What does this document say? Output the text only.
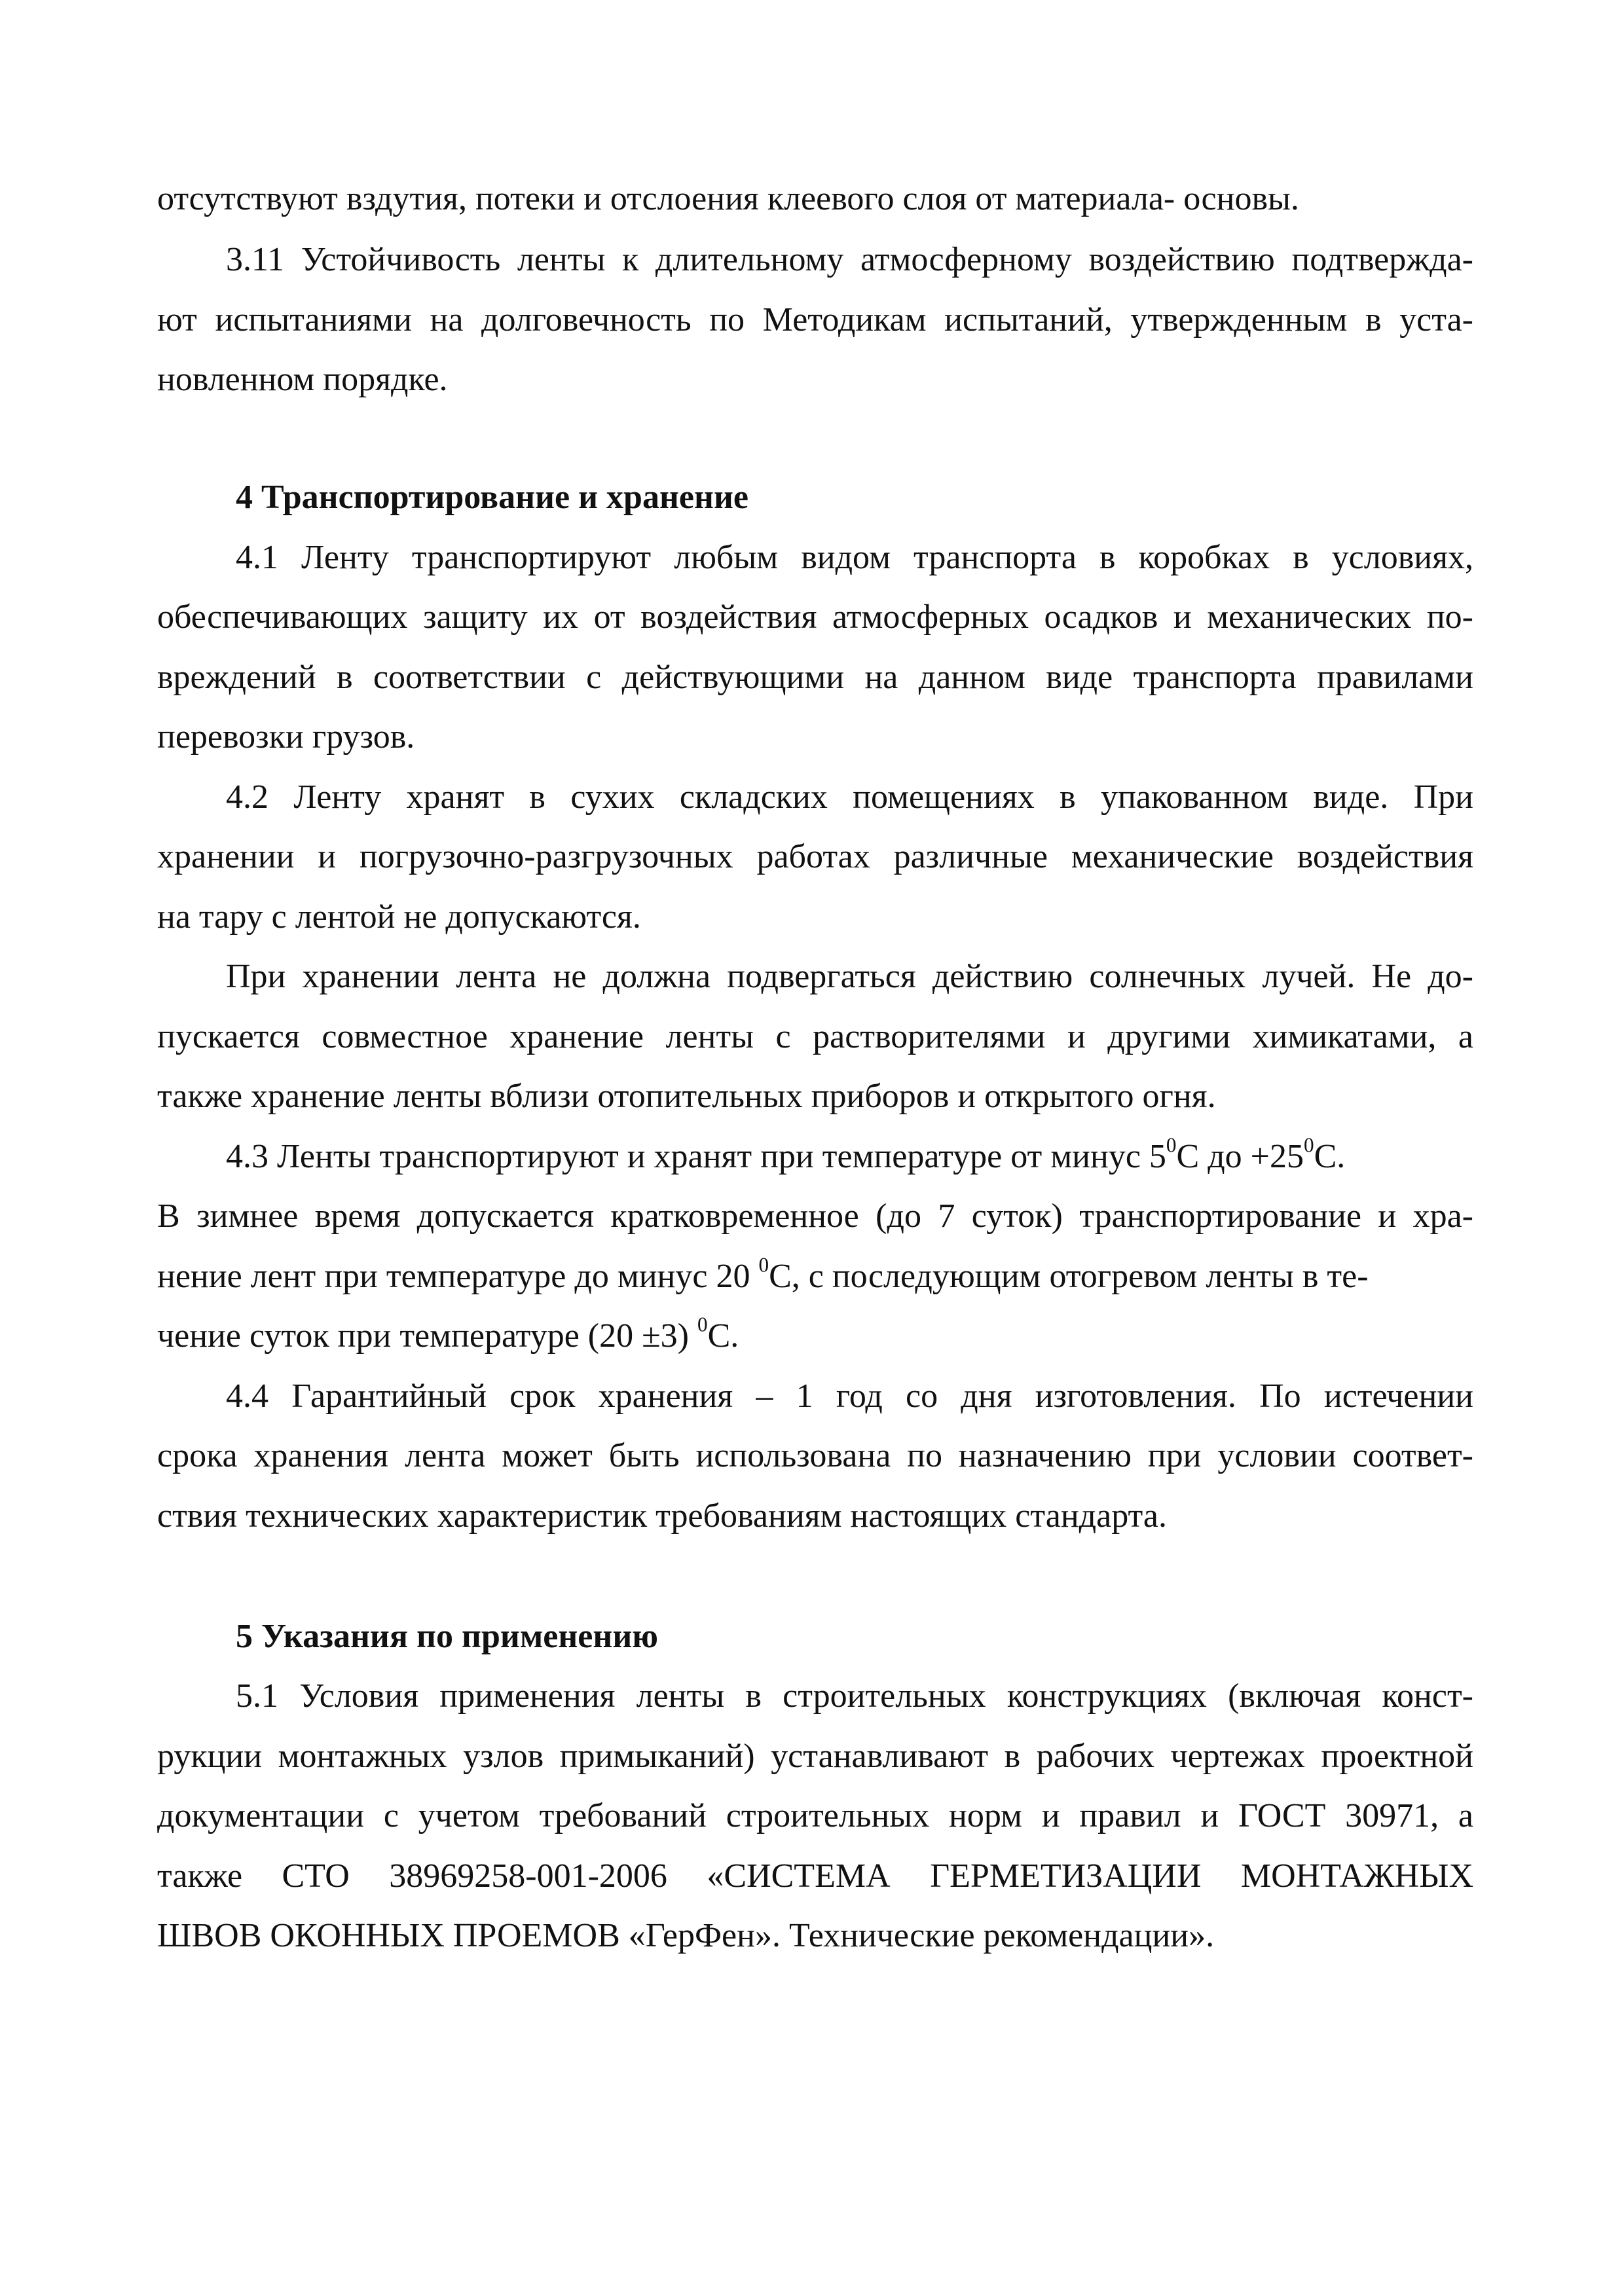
отсутствуют вздутия, потеки и отслоения клеевого слоя от материала- основы.
3.11 Устойчивость ленты к длительному атмосферному воздействию подтвержда-
ют испытаниями на долговечность по Методикам испытаний, утвержденным в уста-
новленном порядке.
4 Транспортирование и хранение
4.1 Ленту транспортируют любым видом транспорта в коробках в условиях,
обеспечивающих защиту их от воздействия атмосферных осадков и механических по-
вреждений в соответствии с действующими на данном виде транспорта правилами
перевозки грузов.
4.2 Ленту хранят в сухих складских помещениях в упакованном виде. При
хранении и погрузочно-разгрузочных работах различные механические воздействия
на тару с лентой не допускаются.
При хранении лента не должна подвергаться действию солнечных лучей. Не до-
пускается совместное хранение ленты с растворителями и другими химикатами, а
также хранение ленты вблизи отопительных приборов и открытого огня.
4.3 Ленты транспортируют и хранят при температуре от минус $5^0С$ до $+25^0С$.
В зимнее время допускается кратковременное (до 7 суток) транспортирование и хра-
нение лент при температуре до минус 20 $^0$С, с последующим отогревом ленты в те-
чение суток при температуре (20 ±3) $^0$С.
4.4 Гарантийный срок хранения – 1 год со дня изготовления. По истечении
срока хранения лента может быть использована по назначению при условии соответ-
ствия технических характеристик требованиям настоящих стандарта.
5 Указания по применению
5.1 Условия применения ленты в строительных конструкциях (включая конст-
рукции монтажных узлов примыканий) устанавливают в рабочих чертежах проектной
документации с учетом требований строительных норм и правил и ГОСТ 30971, а
также СТО 38969258-001-2006 «СИСТЕМА ГЕРМЕТИЗАЦИИ МОНТАЖНЫХ
ШВОВ ОКОННЫХ ПРОЕМОВ «ГерФен». Технические рекомендации».
